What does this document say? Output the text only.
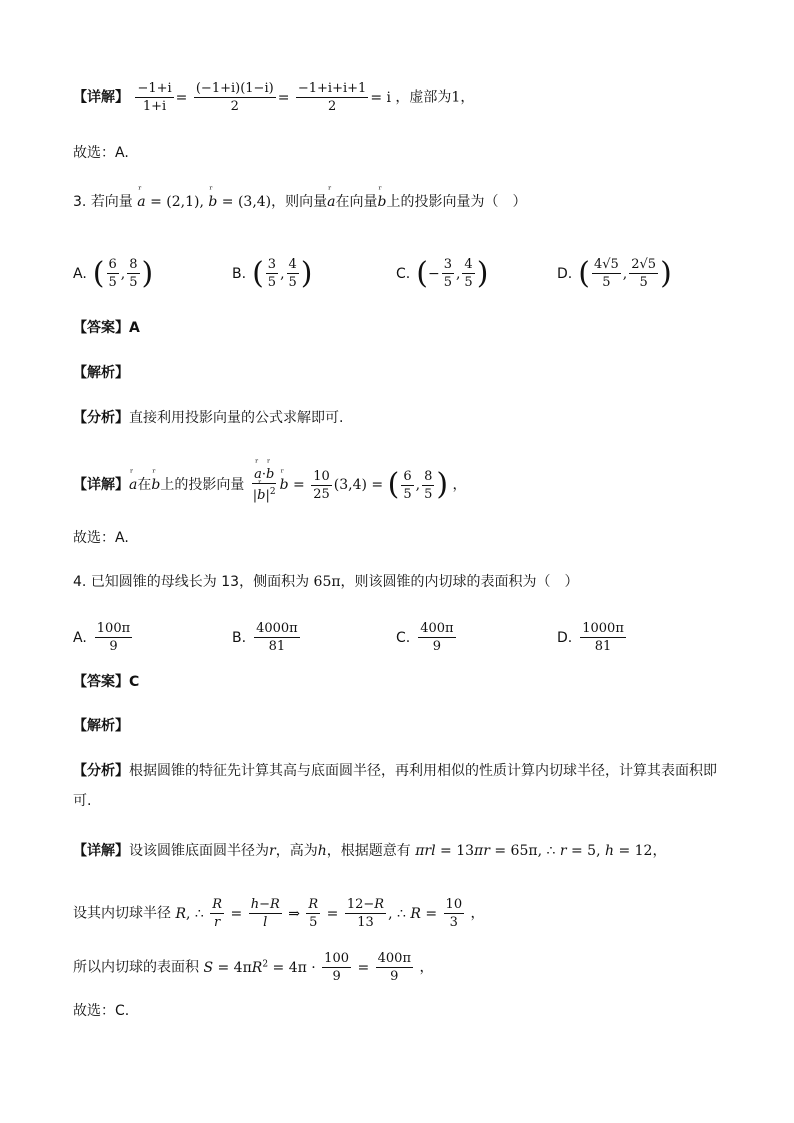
【详解】 $\frac{-1+i}{1+i} = \frac{(-1+i)(1-i)}{2} = \frac{-1+i+i+1}{2} = i$ ，虚部为1，
故选：A.
3. 若向量 ʳ a = (2,1), ʳ b = (3,4)，则向量ʳ a在向量ʳ b上的投影向量为（　）
A. ( $\frac{6}{5}$ , $\frac{8}{5}$ )	B. ( $\frac{3}{5}$ , $\frac{4}{5}$ )	C. (− $\frac{3}{5}$ , $\frac{4}{5}$ )	D. ( $\frac{4√5}{5}$ , $\frac{2√5}{5}$ )
【答案】A
【解析】
【分析】直接利用投影向量的公式求解即可.
【详解】ʳ a在ʳ b上的投影向量 ʳ $\frac{\text{a·ʳ b}}{|ʳ b|^2}$ ʳ $b = \frac{10}{25} (3,4)$ = ( $\frac{6}{5}$ , $\frac{8}{5}$ ) ，
故选：A.
4. 已知圆锥的母线长为 13，侧面积为 65π，则该圆锥的内切球的表面积为（　）
A. $\frac{100\pi}{9}$	B. $\frac{4000\pi}{81}$	C. $\frac{400\pi}{9}$	D. $\frac{1000\pi}{81}$
【答案】C
【解析】
【分析】根据圆锥的特征先计算其高与底面圆半径，再利用相似的性质计算内切球半径，计算其表面积即
可.
【详解】设该圆锥底面圆半径为r，高为h，根据题意有 πrl = 13πr = 65π, ∴ r = 5, h = 12，
设其内切球半径 R, ∴ $\frac{R}{r} = \frac{h-R}{l}$ ⇒ $\frac{R}{5} = \frac{12-R}{13}$ , ∴ $R = \frac{10}{3}$ ，
所以内切球的表面积 $S = 4\pi R^2 = 4\pi \cdot \frac{100}{9} = \frac{400\pi}{9}$ ，
故选：C.
